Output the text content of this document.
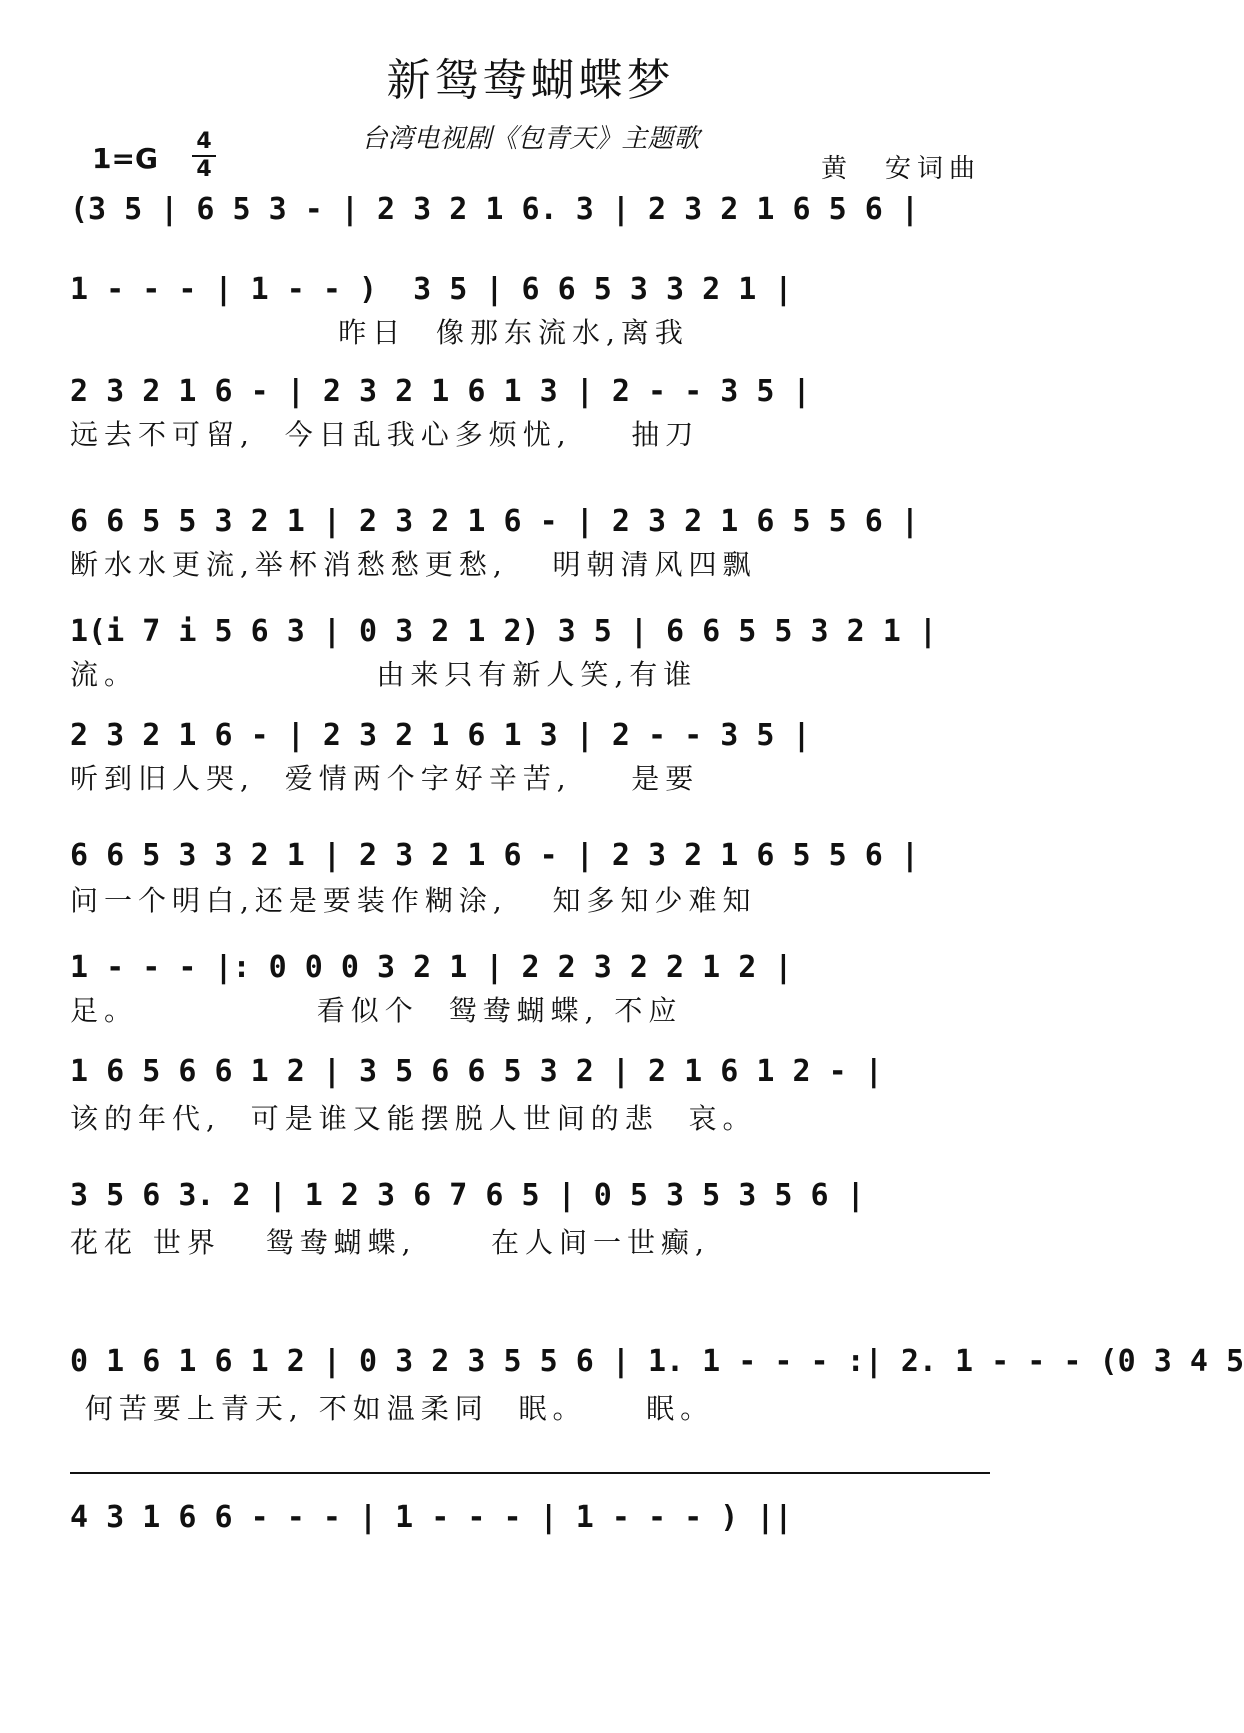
新鸳鸯蝴蝶梦
台湾电视剧《包青天》主题歌
1=G
4
4	黄　安词曲
(3 5 | 6 5 3 - | 2 3 2 1 6. 3 | 2 3 2 1 6 5 6 |
1 - - - | 1 - - )  3 5 | 6 6 5 3 3 2 1 |
昨日  像那东流水,离我
2 3 2 1 6 - | 2 3 2 1 6 1 3 | 2 - - 3 5 |
远去不可留,  今日乱我心多烦忧,    抽刀
6 6 5 5 3 2 1 | 2 3 2 1 6 - | 2 3 2 1 6 5 5 6 |
断水水更流,举杯消愁愁更愁,   明朝清风四飘
1(i 7 i 5 6 3 | 0 3 2 1 2) 3 5 | 6 6 5 5 3 2 1 |
流。                由来只有新人笑,有谁
2 3 2 1 6 - | 2 3 2 1 6 1 3 | 2 - - 3 5 |
听到旧人哭,  爱情两个字好辛苦,    是要
6 6 5 3 3 2 1 | 2 3 2 1 6 - | 2 3 2 1 6 5 5 6 |
问一个明白,还是要装作糊涂,   知多知少难知
1 - - - |: 0 0 0 3 2 1 | 2 2 3 2 2 1 2 |
足。            看似个  鸳鸯蝴蝶, 不应
1 6 5 6 6 1 2 | 3 5 6 6 5 3 2 | 2 1 6 1 2 - |
该的年代,  可是谁又能摆脱人世间的悲  哀。
3 5 6 3. 2 | 1 2 3 6 7 6 5 | 0 5 3 5 3 5 6 |
花花 世界   鸳鸯蝴蝶,     在人间一世癫,
0 1 6 1 6 1 2 | 0 3 2 3 5 5 6 | 1. 1 - - - :| 2. 1 - - - (0 3 4 5
何苦要上青天, 不如温柔同  眠。    眠。
4 3 1 6 6 - - - | 1 - - - | 1 - - - ) ||
